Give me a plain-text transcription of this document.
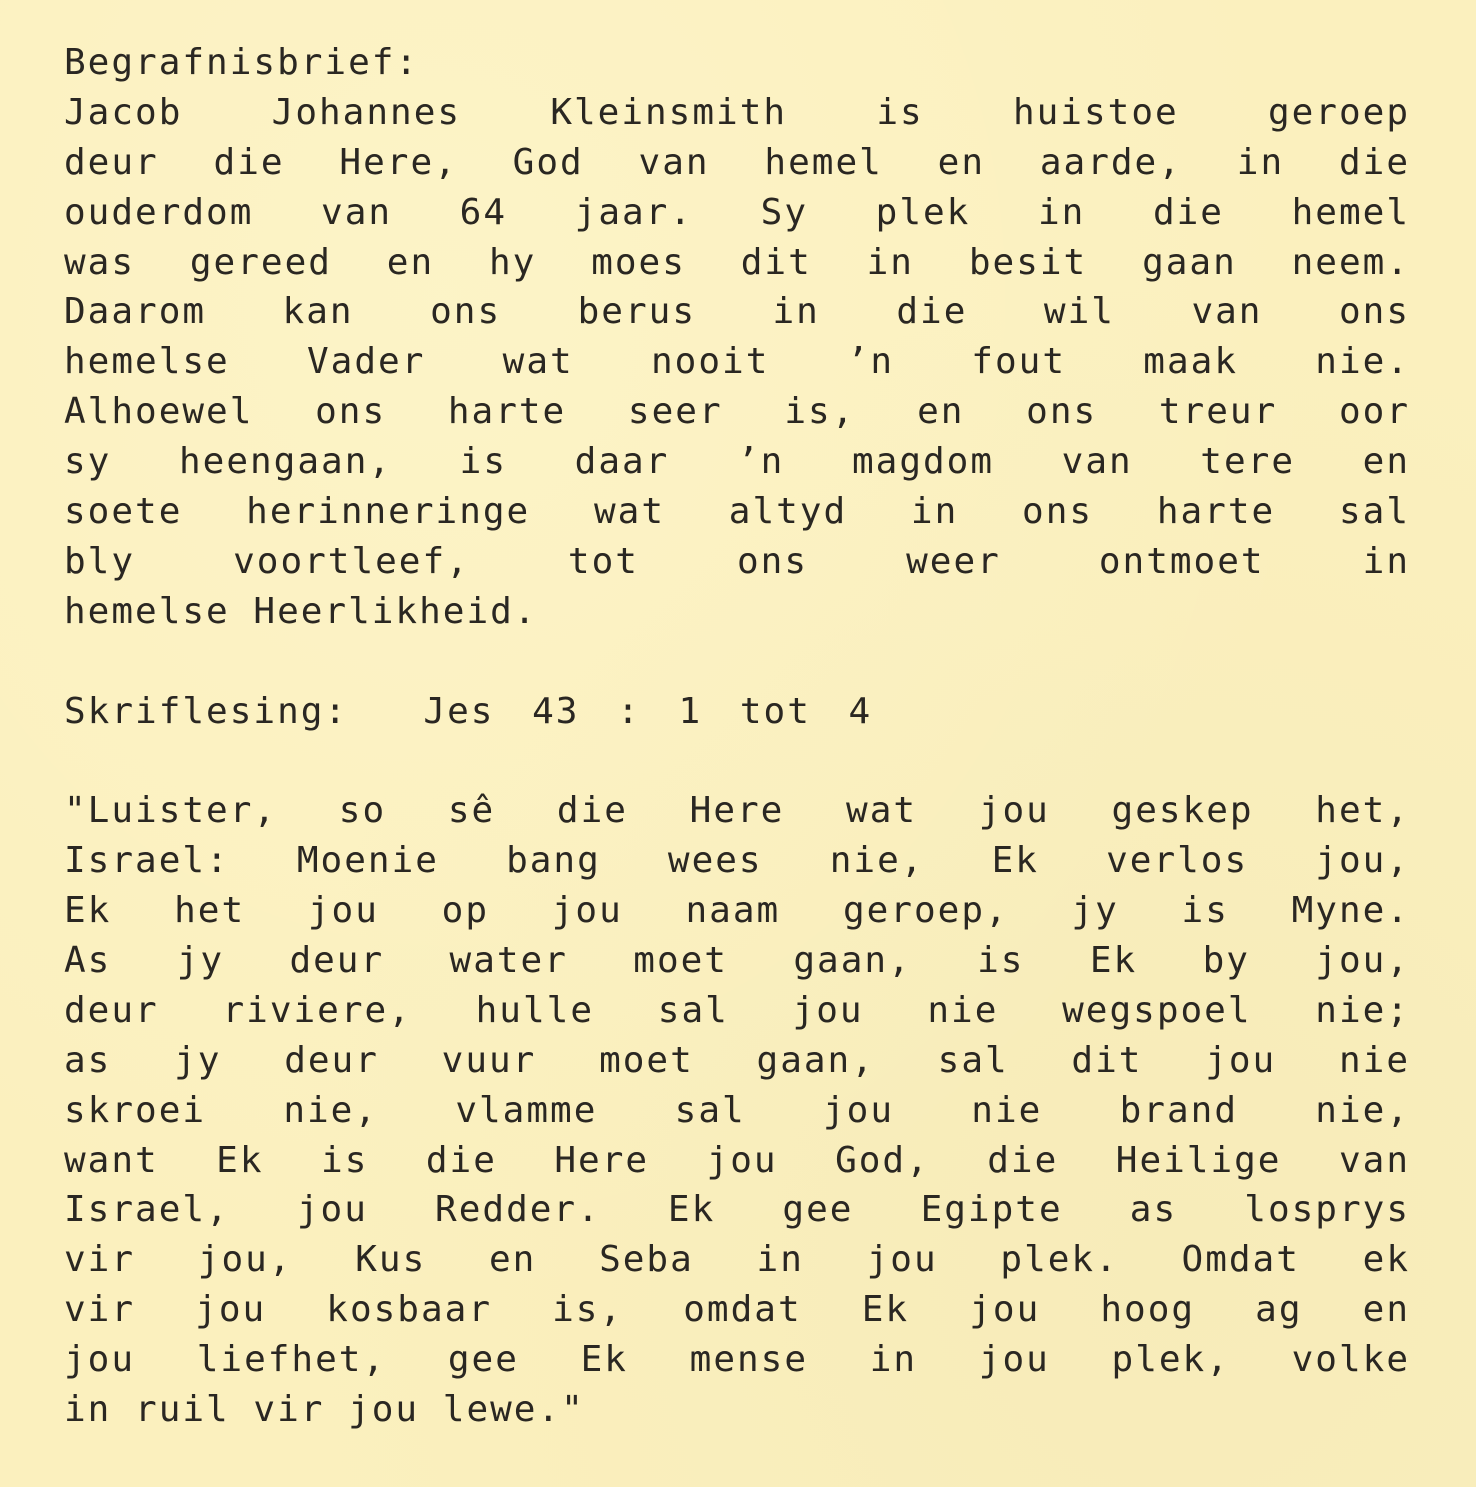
Begrafnisbrief:
Jacob Johannes Kleinsmith is huistoe geroep
deur die Here, God van hemel en aarde, in die
ouderdom van 64 jaar. Sy plek in die hemel
was gereed en hy moes dit in besit gaan neem.
Daarom kan ons berus in die wil van ons
hemelse Vader wat nooit ’n fout maak nie.
Alhoewel ons harte seer is, en ons treur oor
sy heengaan, is daar ’n magdom van tere en
soete herinneringe wat altyd in ons harte sal
bly voortleef, tot ons weer ontmoet in
hemelse Heerlikheid.
Skriflesing:  Jes 43 : 1 tot 4
"Luister, so sê die Here wat jou geskep het,
Israel: Moenie bang wees nie, Ek verlos jou,
Ek het jou op jou naam geroep, jy is Myne.
As jy deur water moet gaan, is Ek by jou,
deur riviere, hulle sal jou nie wegspoel nie;
as jy deur vuur moet gaan, sal dit jou nie
skroei nie, vlamme sal jou nie brand nie,
want Ek is die Here jou God, die Heilige van
Israel, jou Redder. Ek gee Egipte as losprys
vir jou, Kus en Seba in jou plek. Omdat ek
vir jou kosbaar is, omdat Ek jou hoog ag en
jou liefhet, gee Ek mense in jou plek, volke
in ruil vir jou lewe."
